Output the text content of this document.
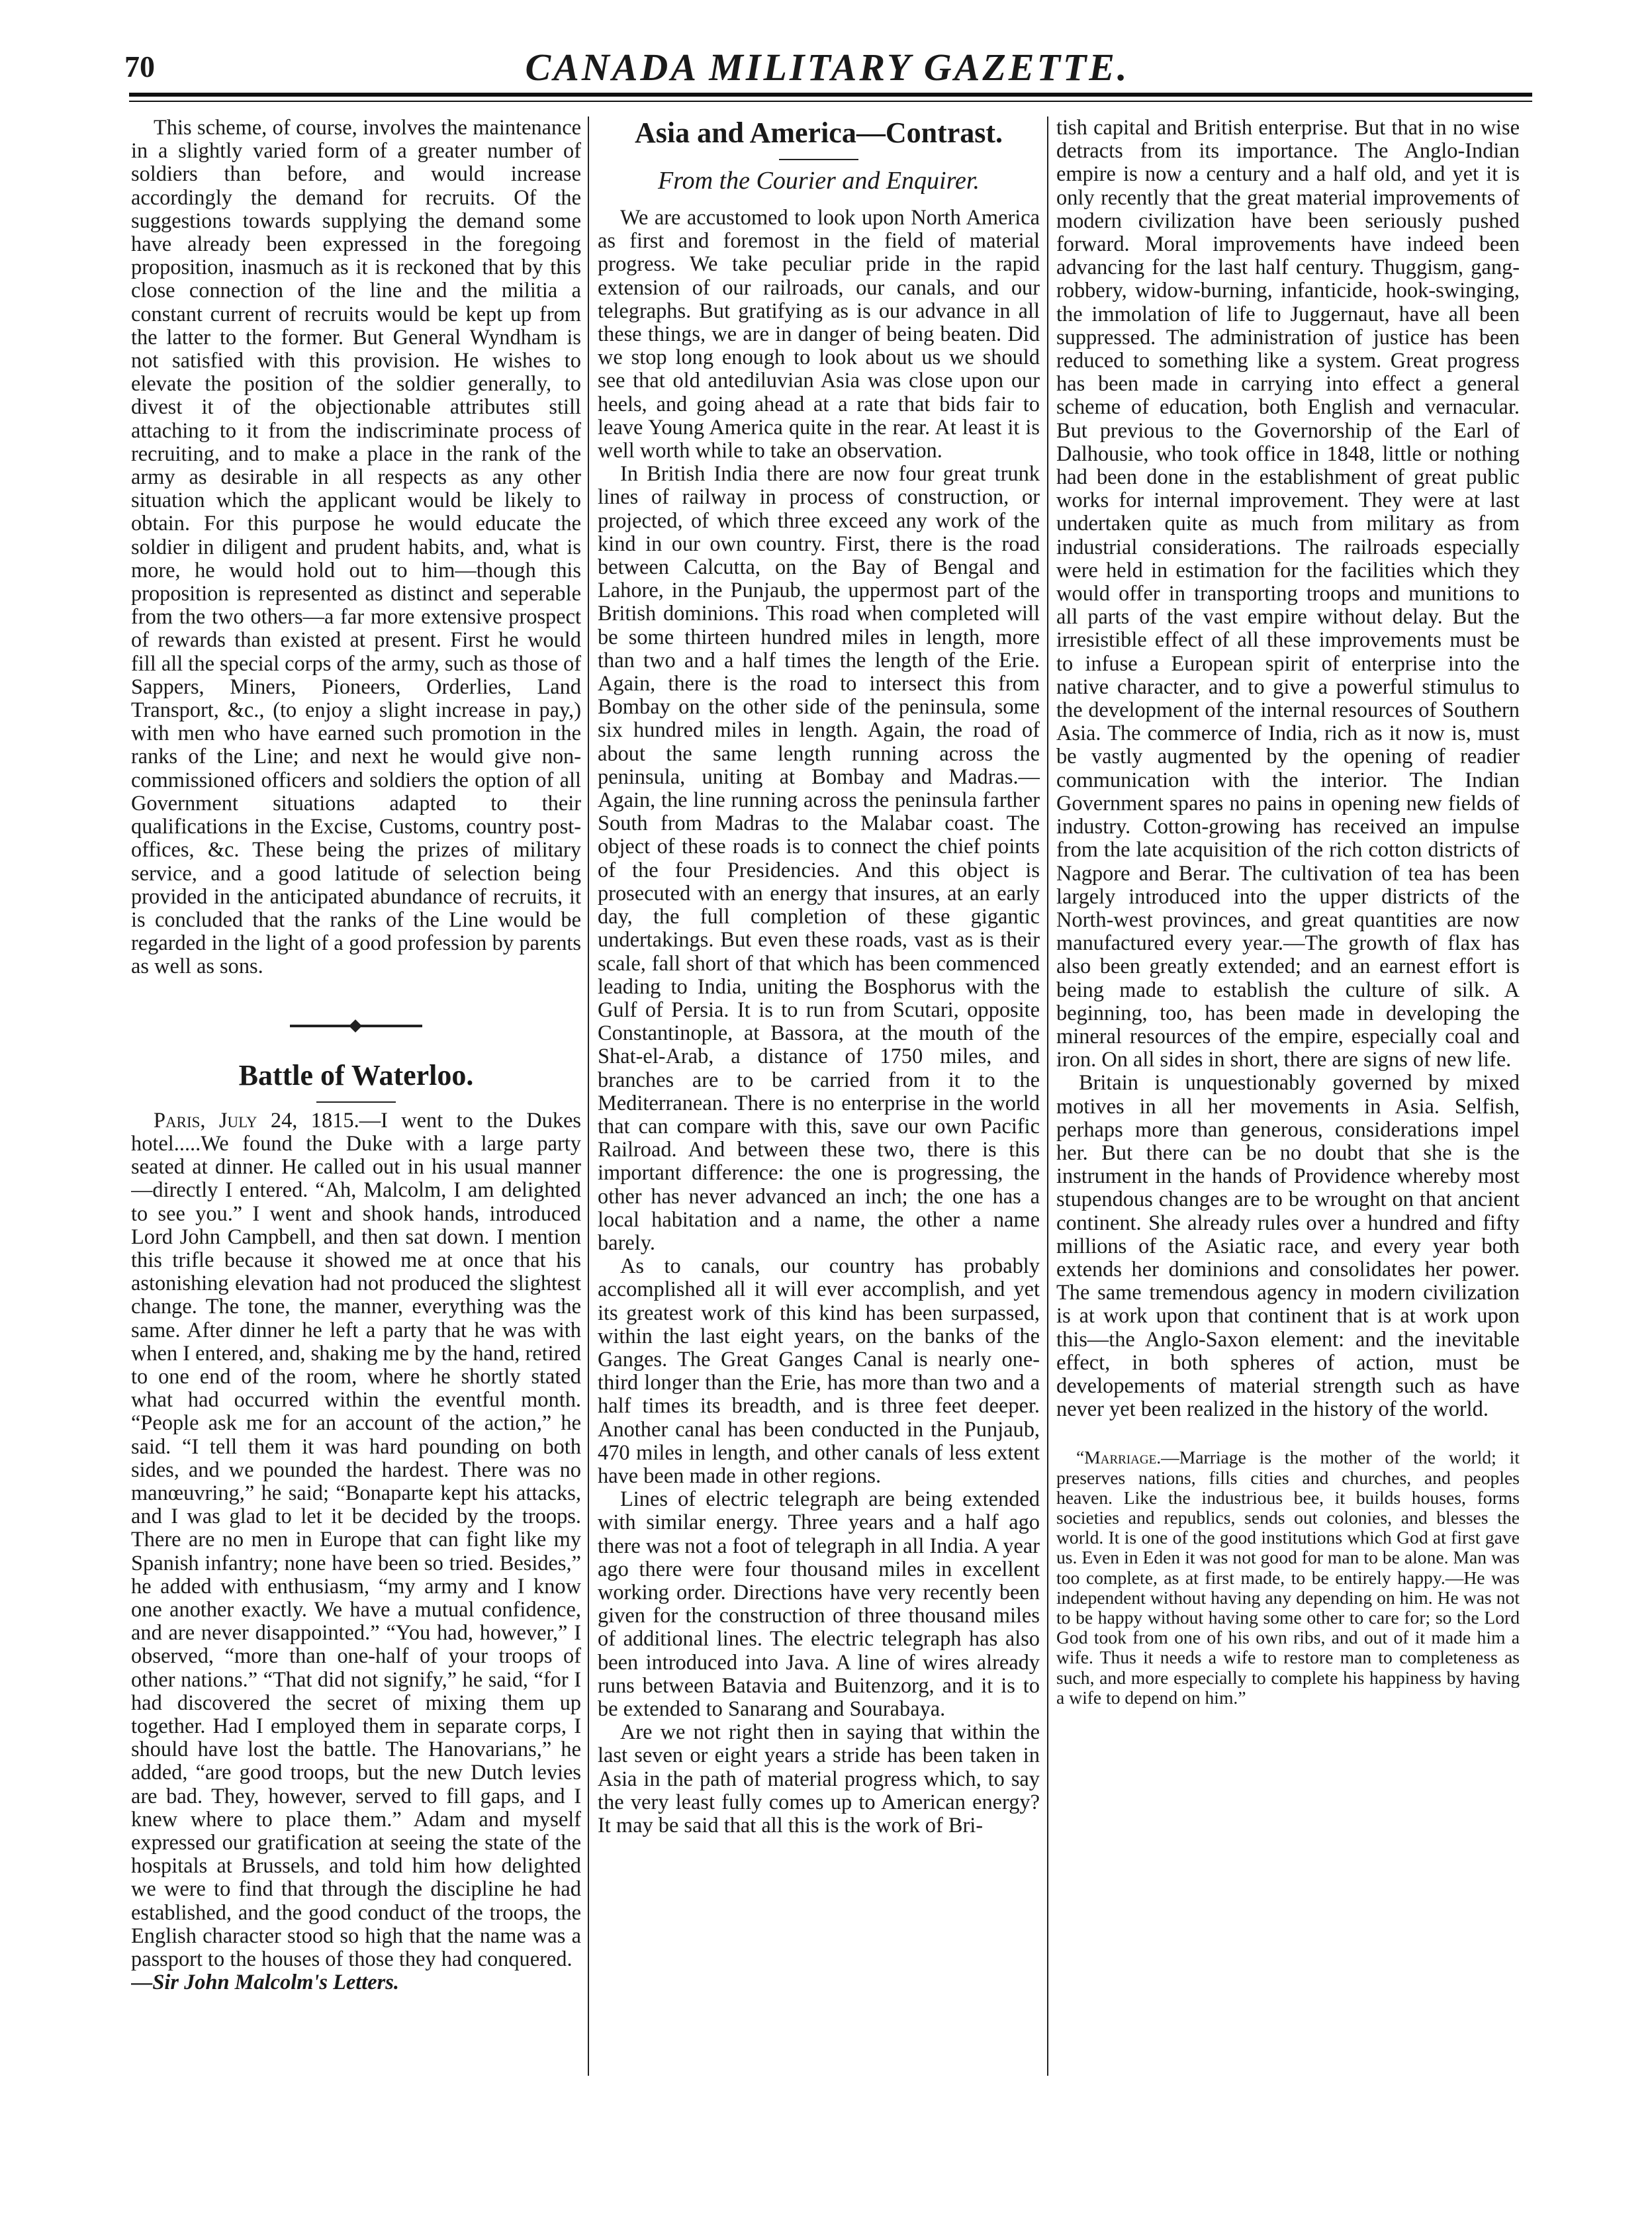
70	CANADA MILITARY GAZETTE.

This scheme, of course, involves the maintenance in a slightly varied form of a greater number of soldiers than before, and would increase accordingly the demand for recruits. Of the suggestions towards supplying the demand some have already been expressed in the foregoing proposition, inasmuch as it is reckoned that by this close connection of the line and the militia a constant current of recruits would be kept up from the latter to the former. But General Wyndham is not satisfied with this provision. He wishes to elevate the position of the soldier generally, to divest it of the objectionable attributes still attaching to it from the indiscriminate process of recruiting, and to make a place in the rank of the army as desirable in all respects as any other situation which the applicant would be likely to obtain. For this purpose he would educate the soldier in diligent and prudent habits, and, what is more, he would hold out to him—though this proposition is represented as distinct and seperable from the two others—a far more extensive prospect of rewards than existed at present. First he would fill all the special corps of the army, such as those of Sappers, Miners, Pioneers, Orderlies, Land Transport, &c., (to enjoy a slight increase in pay,) with men who have earned such promotion in the ranks of the Line; and next he would give non-commissioned officers and soldiers the option of all Government situations adapted to their qualifications in the Excise, Customs, country post-offices, &c. These being the prizes of military service, and a good latitude of selection being provided in the anticipated abundance of recruits, it is concluded that the ranks of the Line would be regarded in the light of a good profession by parents as well as sons.

Battle of Waterloo.

Paris, July 24, 1815.—I went to the Dukes hotel.....We found the Duke with a large party seated at dinner. He called out in his usual manner—directly I entered. “Ah, Malcolm, I am delighted to see you.” I went and shook hands, introduced Lord John Campbell, and then sat down. I mention this trifle because it showed me at once that his astonishing elevation had not produced the slightest change. The tone, the manner, everything was the same. After dinner he left a party that he was with when I entered, and, shaking me by the hand, retired to one end of the room, where he shortly stated what had occurred within the eventful month. “People ask me for an account of the action,” he said. “I tell them it was hard pounding on both sides, and we pounded the hardest. There was no manœuvring,” he said; “Bonaparte kept his attacks, and I was glad to let it be decided by the troops. There are no men in Europe that can fight like my Spanish infantry; none have been so tried. Besides,” he added with enthusiasm, “my army and I know one another exactly. We have a mutual confidence, and are never disappointed.” “You had, however,” I observed, “more than one-half of your troops of other nations.” “That did not signify,” he said, “for I had discovered the secret of mixing them up together. Had I employed them in separate corps, I should have lost the battle. The Hanovarians,” he added, “are good troops, but the new Dutch levies are bad. They, however, served to fill gaps, and I knew where to place them.” Adam and myself expressed our gratification at seeing the state of the hospitals at Brussels, and told him how delighted we were to find that through the discipline he had established, and the good conduct of the troops, the English character stood so high that the name was a passport to the houses of those they had conquered.

—Sir John Malcolm's Letters.

Asia and America—Contrast.
From the Courier and Enquirer.

We are accustomed to look upon North America as first and foremost in the field of material progress. We take peculiar pride in the rapid extension of our railroads, our canals, and our telegraphs. But gratifying as is our advance in all these things, we are in danger of being beaten. Did we stop long enough to look about us we should see that old antediluvian Asia was close upon our heels, and going ahead at a rate that bids fair to leave Young America quite in the rear. At least it is well worth while to take an observation.

In British India there are now four great trunk lines of railway in process of construction, or projected, of which three exceed any work of the kind in our own country. First, there is the road between Calcutta, on the Bay of Bengal and Lahore, in the Punjaub, the uppermost part of the British dominions. This road when completed will be some thirteen hundred miles in length, more than two and a half times the length of the Erie. Again, there is the road to intersect this from Bombay on the other side of the peninsula, some six hundred miles in length. Again, the road of about the same length running across the peninsula, uniting at Bombay and Madras.—Again, the line running across the peninsula farther South from Madras to the Malabar coast. The object of these roads is to connect the chief points of the four Presidencies. And this object is prosecuted with an energy that insures, at an early day, the full completion of these gigantic undertakings. But even these roads, vast as is their scale, fall short of that which has been commenced leading to India, uniting the Bosphorus with the Gulf of Persia. It is to run from Scutari, opposite Constantinople, at Bassora, at the mouth of the Shat-el-Arab, a distance of 1750 miles, and branches are to be carried from it to the Mediterranean. There is no enterprise in the world that can compare with this, save our own Pacific Railroad. And between these two, there is this important difference: the one is progressing, the other has never advanced an inch; the one has a local habitation and a name, the other a name barely.

As to canals, our country has probably accomplished all it will ever accomplish, and yet its greatest work of this kind has been surpassed, within the last eight years, on the banks of the Ganges. The Great Ganges Canal is nearly one-third longer than the Erie, has more than two and a half times its breadth, and is three feet deeper. Another canal has been conducted in the Punjaub, 470 miles in length, and other canals of less extent have been made in other regions.

Lines of electric telegraph are being extended with similar energy. Three years and a half ago there was not a foot of telegraph in all India. A year ago there were four thousand miles in excellent working order. Directions have very recently been given for the construction of three thousand miles of additional lines. The electric telegraph has also been introduced into Java. A line of wires already runs between Batavia and Buitenzorg, and it is to be extended to Sanarang and Sourabaya.

Are we not right then in saying that within the last seven or eight years a stride has been taken in Asia in the path of material progress which, to say the very least fully comes up to American energy? It may be said that all this is the work of Bri-

tish capital and British enterprise. But that in no wise detracts from its importance. The Anglo-Indian empire is now a century and a half old, and yet it is only recently that the great material improvements of modern civilization have been seriously pushed forward. Moral improvements have indeed been advancing for the last half century. Thuggism, gang-robbery, widow-burning, infanticide, hook-swinging, the immolation of life to Juggernaut, have all been suppressed. The administration of justice has been reduced to something like a system. Great progress has been made in carrying into effect a general scheme of education, both English and vernacular. But previous to the Governorship of the Earl of Dalhousie, who took office in 1848, little or nothing had been done in the establishment of great public works for internal improvement. They were at last undertaken quite as much from military as from industrial considerations. The railroads especially were held in estimation for the facilities which they would offer in transporting troops and munitions to all parts of the vast empire without delay. But the irresistible effect of all these improvements must be to infuse a European spirit of enterprise into the native character, and to give a powerful stimulus to the development of the internal resources of Southern Asia. The commerce of India, rich as it now is, must be vastly augmented by the opening of readier communication with the interior. The Indian Government spares no pains in opening new fields of industry. Cotton-growing has received an impulse from the late acquisition of the rich cotton districts of Nagpore and Berar. The cultivation of tea has been largely introduced into the upper districts of the North-west provinces, and great quantities are now manufactured every year.—The growth of flax has also been greatly extended; and an earnest effort is being made to establish the culture of silk. A beginning, too, has been made in developing the mineral resources of the empire, especially coal and iron. On all sides in short, there are signs of new life.

Britain is unquestionably governed by mixed motives in all her movements in Asia. Selfish, perhaps more than generous, considerations impel her. But there can be no doubt that she is the instrument in the hands of Providence whereby most stupendous changes are to be wrought on that ancient continent. She already rules over a hundred and fifty millions of the Asiatic race, and every year both extends her dominions and consolidates her power. The same tremendous agency in modern civilization is at work upon that continent that is at work upon this—the Anglo-Saxon element: and the inevitable effect, in both spheres of action, must be developements of material strength such as have never yet been realized in the history of the world.

“Marriage.—Marriage is the mother of the world; it preserves nations, fills cities and churches, and peoples heaven. Like the industrious bee, it builds houses, forms societies and republics, sends out colonies, and blesses the world. It is one of the good institutions which God at first gave us. Even in Eden it was not good for man to be alone. Man was too complete, as at first made, to be entirely happy.—He was independent without having any depending on him. He was not to be happy without having some other to care for; so the Lord God took from one of his own ribs, and out of it made him a wife. Thus it needs a wife to restore man to completeness as such, and more especially to complete his happiness by having a wife to depend on him.”
